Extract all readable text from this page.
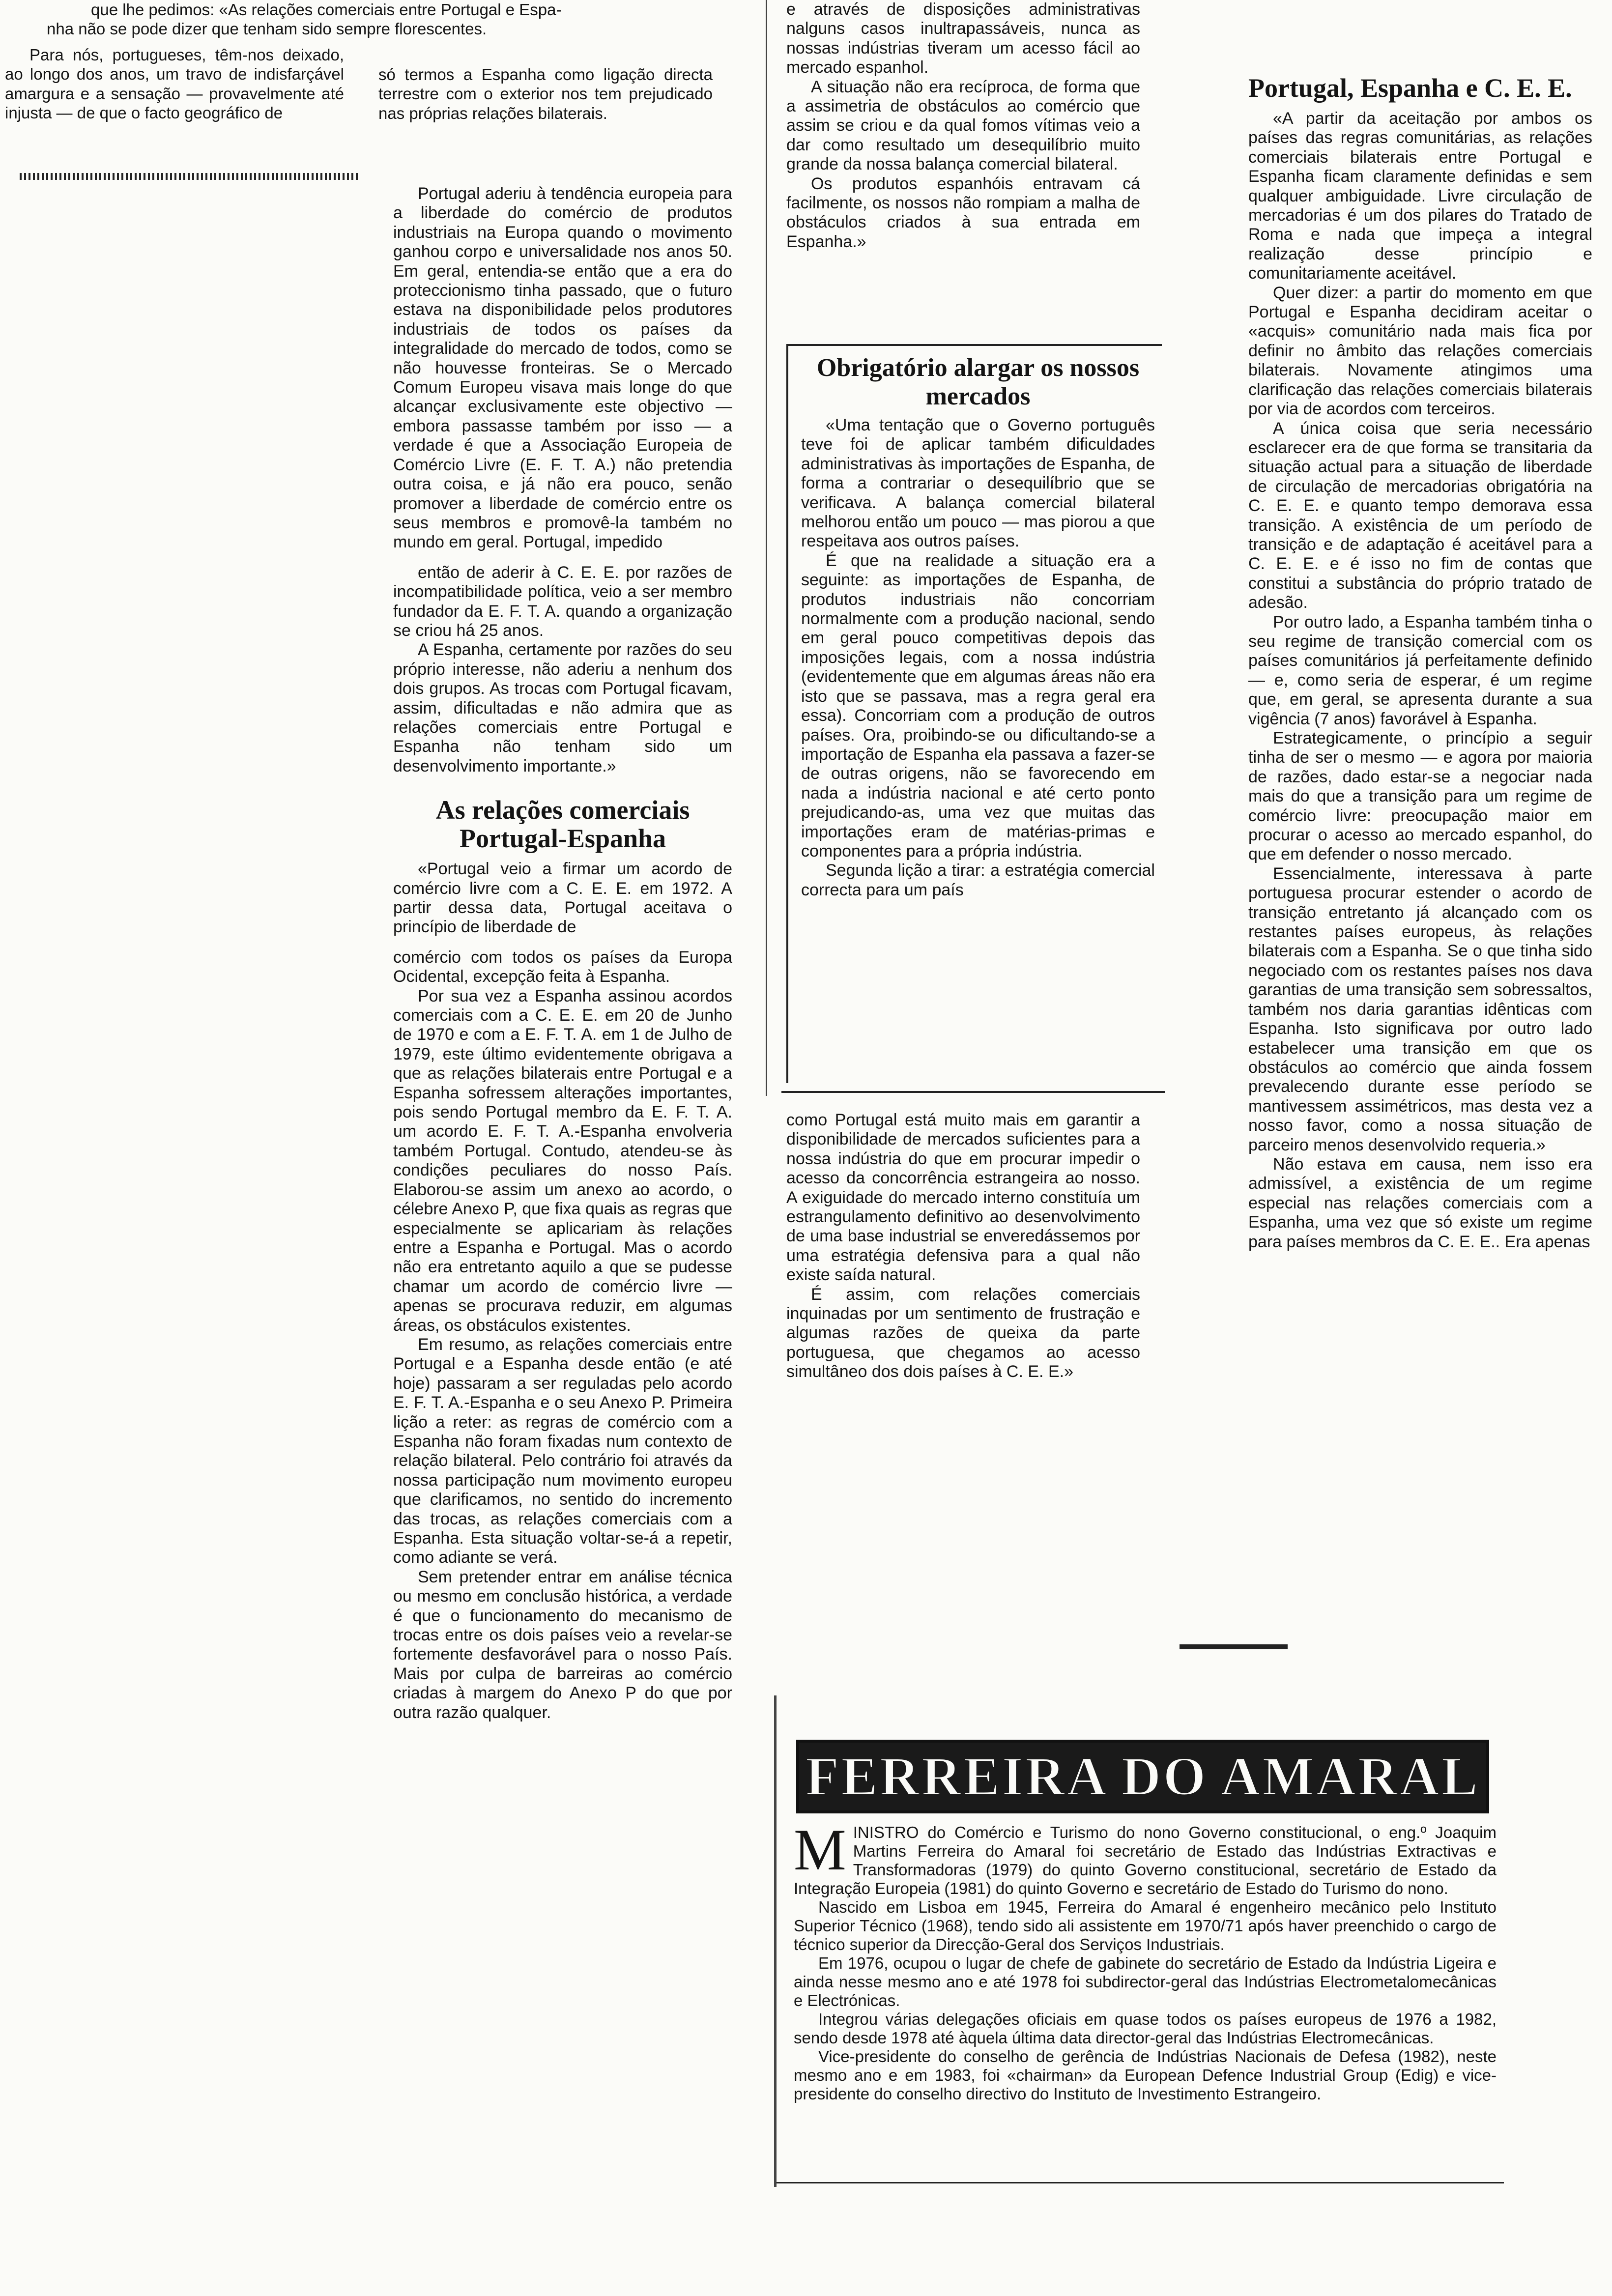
que lhe pedimos: «As relações comerciais entre Portugal e Espa-

nha não se pode dizer que tenham sido sempre florescentes.

Para nós, portugueses, têm-nos deixado, ao longo dos anos, um travo de indisfarçável amargura e a sensação — provavelmente até injusta — de que o facto geográfico de

só termos a Espanha como ligação directa terrestre com o exterior nos tem prejudicado nas próprias relações bilaterais.

Portugal aderiu à tendência europeia para a liberdade do comércio de produtos industriais na Europa quando o movimento ganhou corpo e universalidade nos anos 50. Em geral, entendia-se então que a era do proteccionismo tinha passado, que o futuro estava na disponibilidade pelos produtores industriais de todos os países da integralidade do mercado de todos, como se não houvesse fronteiras. Se o Mercado Comum Europeu visava mais longe do que alcançar exclusivamente este objectivo — embora passasse também por isso — a verdade é que a Associação Europeia de Comércio Livre (E. F. T. A.) não pretendia outra coisa, e já não era pouco, senão promover a liberdade de comércio entre os seus membros e promovê-la também no mundo em geral. Portugal, impedido

então de aderir à C. E. E. por razões de incompatibilidade política, veio a ser membro fundador da E. F. T. A. quando a organização se criou há 25 anos.

A Espanha, certamente por razões do seu próprio interesse, não aderiu a nenhum dos dois grupos. As trocas com Portugal ficavam, assim, dificultadas e não admira que as relações comerciais entre Portugal e Espanha não tenham sido um desenvolvimento importante.»

As relações comerciais Portugal-Espanha

«Portugal veio a firmar um acordo de comércio livre com a C. E. E. em 1972. A partir dessa data, Portugal aceitava o princípio de liberdade de

comércio com todos os países da Europa Ocidental, excepção feita à Espanha.

Por sua vez a Espanha assinou acordos comerciais com a C. E. E. em 20 de Junho de 1970 e com a E. F. T. A. em 1 de Julho de 1979, este último evidentemente obrigava a que as relações bilaterais entre Portugal e a Espanha sofressem alterações importantes, pois sendo Portugal membro da E. F. T. A. um acordo E. F. T. A.-Espanha envolveria também Portugal. Contudo, atendeu-se às condições peculiares do nosso País. Elaborou-se assim um anexo ao acordo, o célebre Anexo P, que fixa quais as regras que especialmente se aplicariam às relações entre a Espanha e Portugal. Mas o acordo não era entretanto aquilo a que se pudesse chamar um acordo de comércio livre — apenas se procurava reduzir, em algumas áreas, os obstáculos existentes.

Em resumo, as relações comerciais entre Portugal e a Espanha desde então (e até hoje) passaram a ser reguladas pelo acordo E. F. T. A.-Espanha e o seu Anexo P. Primeira lição a reter: as regras de comércio com a Espanha não foram fixadas num contexto de relação bilateral. Pelo contrário foi através da nossa participação num movimento europeu que clarificamos, no sentido do incremento das trocas, as relações comerciais com a Espanha. Esta situação voltar-se-á a repetir, como adiante se verá.

Sem pretender entrar em análise técnica ou mesmo em conclusão histórica, a verdade é que o funcionamento do mecanismo de trocas entre os dois países veio a revelar-se fortemente desfavorável para o nosso País. Mais por culpa de barreiras ao comércio criadas à margem do Anexo P do que por outra razão qualquer.

e através de disposições administrativas nalguns casos inultrapassáveis, nunca as nossas indústrias tiveram um acesso fácil ao mercado espanhol.

A situação não era recíproca, de forma que a assimetria de obstáculos ao comércio que assim se criou e da qual fomos vítimas veio a dar como resultado um desequilíbrio muito grande da nossa balança comercial bilateral.

Os produtos espanhóis entravam cá facilmente, os nossos não rompiam a malha de obstáculos criados à sua entrada em Espanha.»

Obrigatório alargar os nossos mercados

«Uma tentação que o Governo português teve foi de aplicar também dificuldades administrativas às importações de Espanha, de forma a contrariar o desequilíbrio que se verificava. A balança comercial bilateral melhorou então um pouco — mas piorou a que respeitava aos outros países.

É que na realidade a situação era a seguinte: as importações de Espanha, de produtos industriais não concorriam normalmente com a produção nacional, sendo em geral pouco competitivas depois das imposições legais, com a nossa indústria (evidentemente que em algumas áreas não era isto que se passava, mas a regra geral era essa). Concorriam com a produção de outros países. Ora, proibindo-se ou dificultando-se a importação de Espanha ela passava a fazer-se de outras origens, não se favorecendo em nada a indústria nacional e até certo ponto prejudicando-as, uma vez que muitas das importações eram de matérias-primas e componentes para a própria indústria.

Segunda lição a tirar: a estratégia comercial correcta para um país

como Portugal está muito mais em garantir a disponibilidade de mercados suficientes para a nossa indústria do que em procurar impedir o acesso da concorrência estrangeira ao nosso. A exiguidade do mercado interno constituía um estrangulamento definitivo ao desenvolvimento de uma base industrial se enveredássemos por uma estratégia defensiva para a qual não existe saída natural.

É assim, com relações comerciais inquinadas por um sentimento de frustração e algumas razões de queixa da parte portuguesa, que chegamos ao acesso simultâneo dos dois países à C. E. E.»

Portugal, Espanha e C. E. E.

«A partir da aceitação por ambos os países das regras comunitárias, as relações comerciais bilaterais entre Portugal e Espanha ficam claramente definidas e sem qualquer ambiguidade. Livre circulação de mercadorias é um dos pilares do Tratado de Roma e nada que impeça a integral realização desse princípio e comunitariamente aceitável.

Quer dizer: a partir do momento em que Portugal e Espanha decidiram aceitar o «acquis» comunitário nada mais fica por definir no âmbito das relações comerciais bilaterais. Novamente atingimos uma clarificação das relações comerciais bilaterais por via de acordos com terceiros.

A única coisa que seria necessário esclarecer era de que forma se transitaria da situação actual para a situação de liberdade de circulação de mercadorias obrigatória na C. E. E. e quanto tempo demorava essa transição. A existência de um período de transição e de adaptação é aceitável para a C. E. E. e é isso no fim de contas que constitui a substância do próprio tratado de adesão.

Por outro lado, a Espanha também tinha o seu regime de transição comercial com os países comunitários já perfeitamente definido — e, como seria de esperar, é um regime que, em geral, se apresenta durante a sua vigência (7 anos) favorável à Espanha.

Estrategicamente, o princípio a seguir tinha de ser o mesmo — e agora por maioria de razões, dado estar-se a negociar nada mais do que a transição para um regime de comércio livre: preocupação maior em procurar o acesso ao mercado espanhol, do que em defender o nosso mercado.

Essencialmente, interessava à parte portuguesa procurar estender o acordo de transição entretanto já alcançado com os restantes países europeus, às relações bilaterais com a Espanha. Se o que tinha sido negociado com os restantes países nos dava garantias de uma transição sem sobressaltos, também nos daria garantias idênticas com Espanha. Isto significava por outro lado estabelecer uma transição em que os obstáculos ao comércio que ainda fossem prevalecendo durante esse período se mantivessem assimétricos, mas desta vez a nosso favor, como a nossa situação de parceiro menos desenvolvido requeria.»

Não estava em causa, nem isso era admissível, a existência de um regime especial nas relações comerciais com a Espanha, uma vez que só existe um regime para países membros da C. E. E.. Era apenas

FERREIRA DO AMARAL

MINISTRO do Comércio e Turismo do nono Governo constitucional, o eng.º Joaquim Martins Ferreira do Amaral foi secretário de Estado das Indústrias Extractivas e Transformadoras (1979) do quinto Governo constitucional, secretário de Estado da Integração Europeia (1981) do quinto Governo e secretário de Estado do Turismo do nono.

Nascido em Lisboa em 1945, Ferreira do Amaral é engenheiro mecânico pelo Instituto Superior Técnico (1968), tendo sido ali assistente em 1970/71 após haver preenchido o cargo de técnico superior da Direcção-Geral dos Serviços Industriais.

Em 1976, ocupou o lugar de chefe de gabinete do secretário de Estado da Indústria Ligeira e ainda nesse mesmo ano e até 1978 foi subdirector-geral das Indústrias Electrometalomecânicas e Electrónicas.

Integrou várias delegações oficiais em quase todos os países europeus de 1976 a 1982, sendo desde 1978 até àquela última data director-geral das Indústrias Electromecânicas.

Vice-presidente do conselho de gerência de Indústrias Nacionais de Defesa (1982), neste mesmo ano e em 1983, foi «chairman» da European Defence Industrial Group (Edig) e vice-presidente do conselho directivo do Instituto de Investimento Estrangeiro.
